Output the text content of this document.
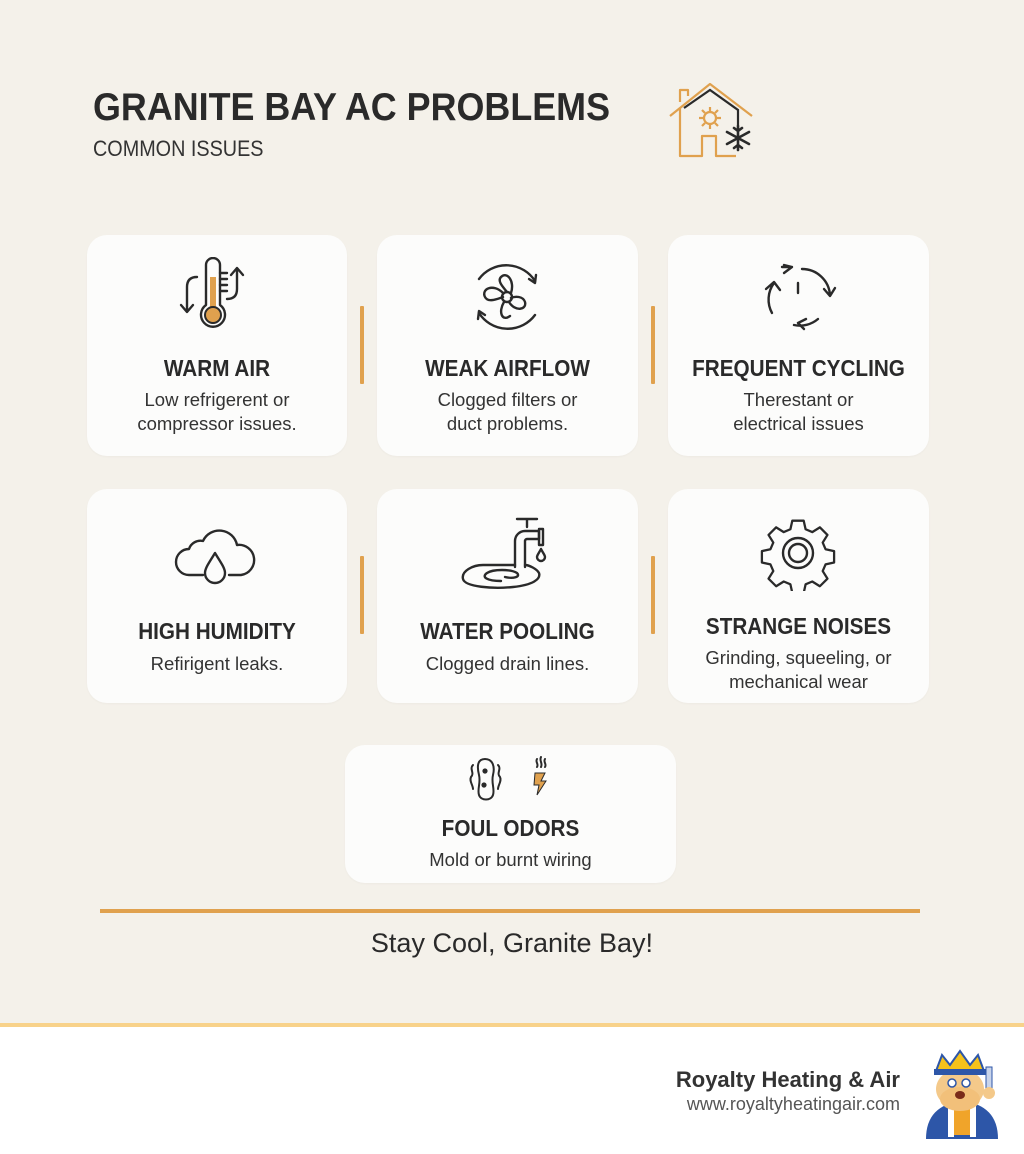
GRANITE BAY AC PROBLEMS
COMMON ISSUES
WARM AIR
Low refrigerent or
compressor issues.
WEAK AIRFLOW
Clogged filters or
duct problems.
FREQUENT CYCLING
Therestant or
electrical issues
HIGH HUMIDITY
Refirigent leaks.
WATER POOLING
Clogged drain lines.
STRANGE NOISES
Grinding, squeeling, or
mechanical wear
FOUL ODORS
Mold or burnt wiring
Stay Cool, Granite Bay!
Royalty Heating & Air
www.royaltyheatingair.com
